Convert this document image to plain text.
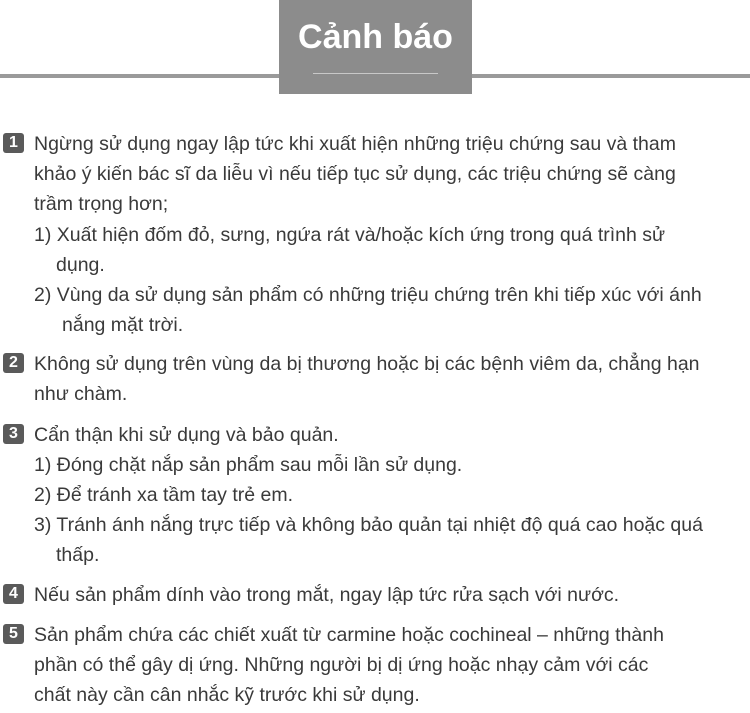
Cảnh báo
1 Ngừng sử dụng ngay lập tức khi xuất hiện những triệu chứng sau và tham
khảo ý kiến bác sĩ da liễu vì nếu tiếp tục sử dụng, các triệu chứng sẽ càng
trầm trọng hơn;
1) Xuất hiện đốm đỏ, sưng, ngứa rát và/hoặc kích ứng trong quá trình sử
dụng.
2) Vùng da sử dụng sản phẩm có những triệu chứng trên khi tiếp xúc với ánh
nắng mặt trời.
2 Không sử dụng trên vùng da bị thương hoặc bị các bệnh viêm da, chẳng hạn
như chàm.
3 Cẩn thận khi sử dụng và bảo quản.
1) Đóng chặt nắp sản phẩm sau mỗi lần sử dụng.
2) Để tránh xa tầm tay trẻ em.
3) Tránh ánh nắng trực tiếp và không bảo quản tại nhiệt độ quá cao hoặc quá
thấp.
4 Nếu sản phẩm dính vào trong mắt, ngay lập tức rửa sạch với nước.
5 Sản phẩm chứa các chiết xuất từ carmine hoặc cochineal – những thành
phần có thể gây dị ứng. Những người bị dị ứng hoặc nhạy cảm với các
chất này cần cân nhắc kỹ trước khi sử dụng.
